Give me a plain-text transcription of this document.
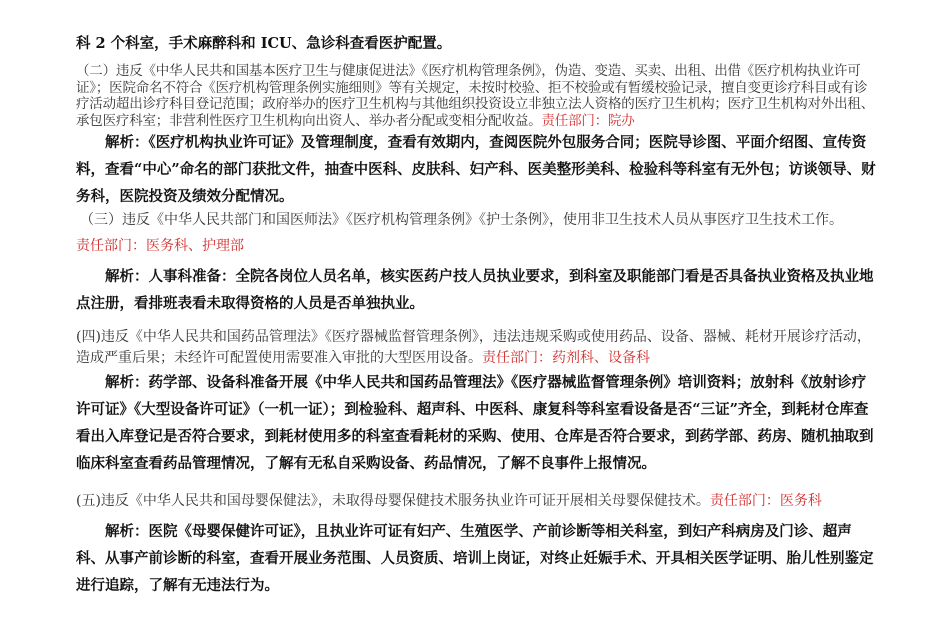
科 2 个科室，手术麻醉科和 ICU、急诊科查看医护配置。

（二）违反《中华人民共和国基本医疗卫生与健康促进法》《医疗机构管理条例》，伪造、变造、买卖、出租、出借《医疗机构执业许可证》；医院命名不符合《医疗机构管理条例实施细则》等有关规定，未按时校验、拒不校验或有暂缓校验记录，擅自变更诊疗科目或有诊疗活动超出诊疗科目登记范围；政府举办的医疗卫生机构与其他组织投资设立非独立法人资格的医疗卫生机构；医疗卫生机构对外出租、承包医疗科室；非营利性医疗卫生机构向出资人、举办者分配或变相分配收益。责任部门：院办

解析：《医疗机构执业许可证》及管理制度，查看有效期内，查阅医院外包服务合同；医院导诊图、平面介绍图、宣传资料，查看“中心”命名的部门获批文件，抽查中医科、皮肤科、妇产科、医美整形美科、检验科等科室有无外包；访谈领导、财务科，医院投资及绩效分配情况。

（三）违反《中华人民共部门和国医师法》《医疗机构管理条例》《护士条例》，使用非卫生技术人员从事医疗卫生技术工作。

责任部门：医务科、护理部

解析：人事科准备：全院各岗位人员名单，核实医药户技人员执业要求，到科室及职能部门看是否具备执业资格及执业地点注册，看排班表看未取得资格的人员是否单独执业。

(四)违反《中华人民共和国药品管理法》《医疗器械监督管理条例》，违法违规采购或使用药品、设备、器械、耗材开展诊疗活动，造成严重后果；未经许可配置使用需要准入审批的大型医用设备。责任部门：药剂科、设备科

解析：药学部、设备科准备开展《中华人民共和国药品管理法》《医疗器械监督管理条例》培训资料；放射科《放射诊疗许可证》《大型设备许可证》（一机一证）；到检验科、超声科、中医科、康复科等科室看设备是否“三证”齐全，到耗材仓库查看出入库登记是否符合要求，到耗材使用多的科室查看耗材的采购、使用、仓库是否符合要求，到药学部、药房、随机抽取到临床科室查看药品管理情况，了解有无私自采购设备、药品情况，了解不良事件上报情况。

(五)违反《中华人民共和国母婴保健法》，未取得母婴保健技术服务执业许可证开展相关母婴保健技术。责任部门：医务科

解析：医院《母婴保健许可证》，且执业许可证有妇产、生殖医学、产前诊断等相关科室，到妇产科病房及门诊、超声科、从事产前诊断的科室，查看开展业务范围、人员资质、培训上岗证，对终止妊娠手术、开具相关医学证明、胎儿性别鉴定进行追踪，了解有无违法行为。
